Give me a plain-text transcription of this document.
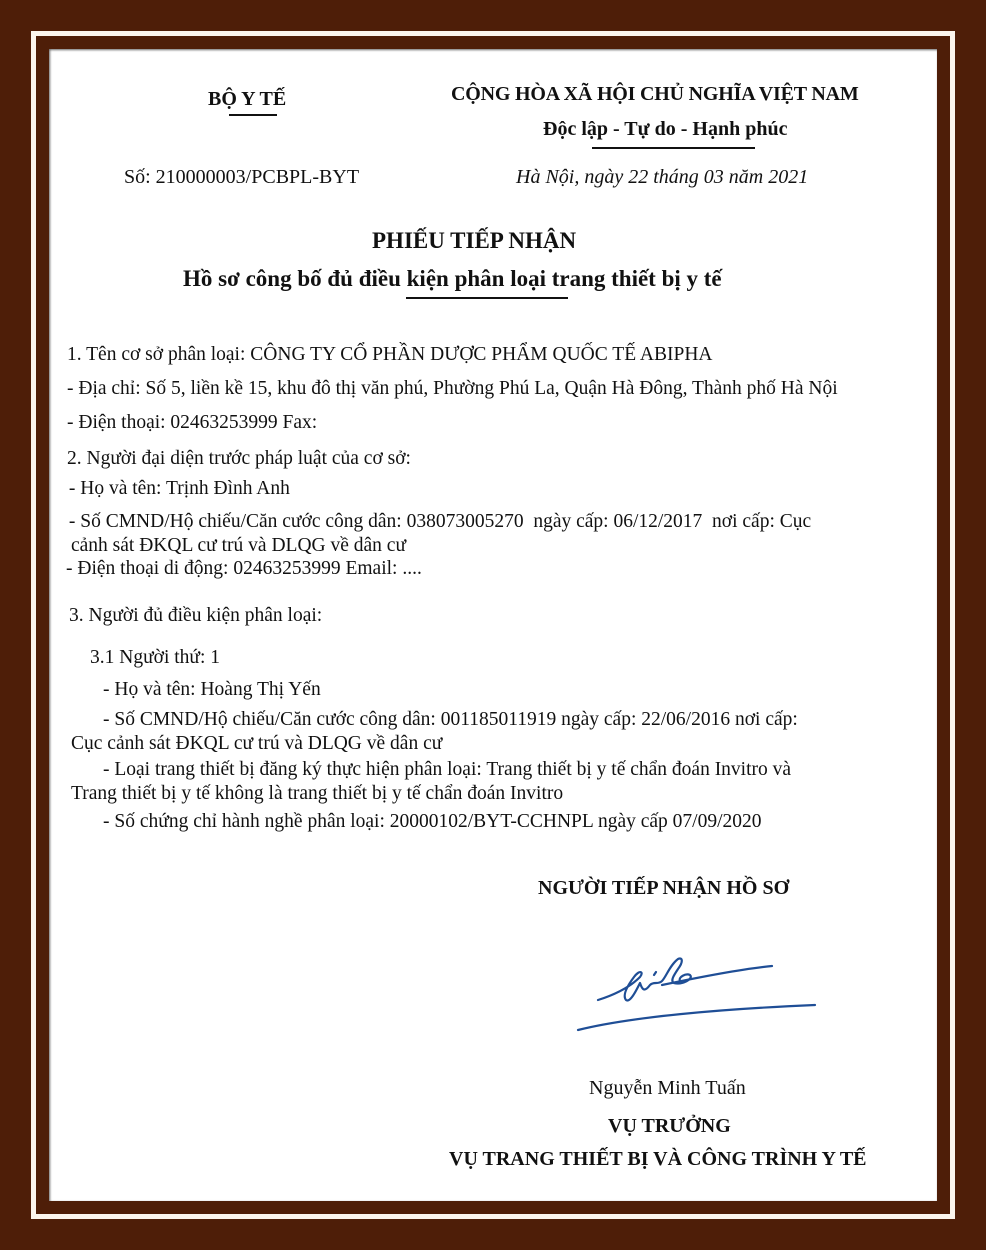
BỘ Y TẾ	CỘNG HÒA XÃ HỘI CHỦ NGHĨA VIỆT NAM
Độc lập - Tự do - Hạnh phúc
Số: 210000003/PCBPL-BYT	Hà Nội, ngày 22 tháng 03 năm 2021
PHIẾU TIẾP NHẬN
Hồ sơ công bố đủ điều kiện phân loại trang thiết bị y tế
1. Tên cơ sở phân loại: CÔNG TY CỔ PHẦN DƯỢC PHẨM QUỐC TẾ ABIPHA
- Địa chỉ: Số 5, liền kề 15, khu đô thị văn phú, Phường Phú La, Quận Hà Đông, Thành phố Hà Nội
- Điện thoại: 02463253999 Fax:
2. Người đại diện trước pháp luật của cơ sở:
- Họ và tên: Trịnh Đình Anh
- Số CMND/Hộ chiếu/Căn cước công dân: 038073005270  ngày cấp: 06/12/2017  nơi cấp: Cục
cảnh sát ĐKQL cư trú và DLQG về dân cư
- Điện thoại di động: 02463253999 Email: ....
3. Người đủ điều kiện phân loại:
3.1 Người thứ: 1
- Họ và tên: Hoàng Thị Yến
- Số CMND/Hộ chiếu/Căn cước công dân: 001185011919 ngày cấp: 22/06/2016 nơi cấp:
Cục cảnh sát ĐKQL cư trú và DLQG về dân cư
- Loại trang thiết bị đăng ký thực hiện phân loại: Trang thiết bị y tế chẩn đoán Invitro và
Trang thiết bị y tế không là trang thiết bị y tế chẩn đoán Invitro
- Số chứng chỉ hành nghề phân loại: 20000102/BYT-CCHNPL ngày cấp 07/09/2020
NGƯỜI TIẾP NHẬN HỒ SƠ
Nguyễn Minh Tuấn
VỤ TRƯỞNG
VỤ TRANG THIẾT BỊ VÀ CÔNG TRÌNH Y TẾ
